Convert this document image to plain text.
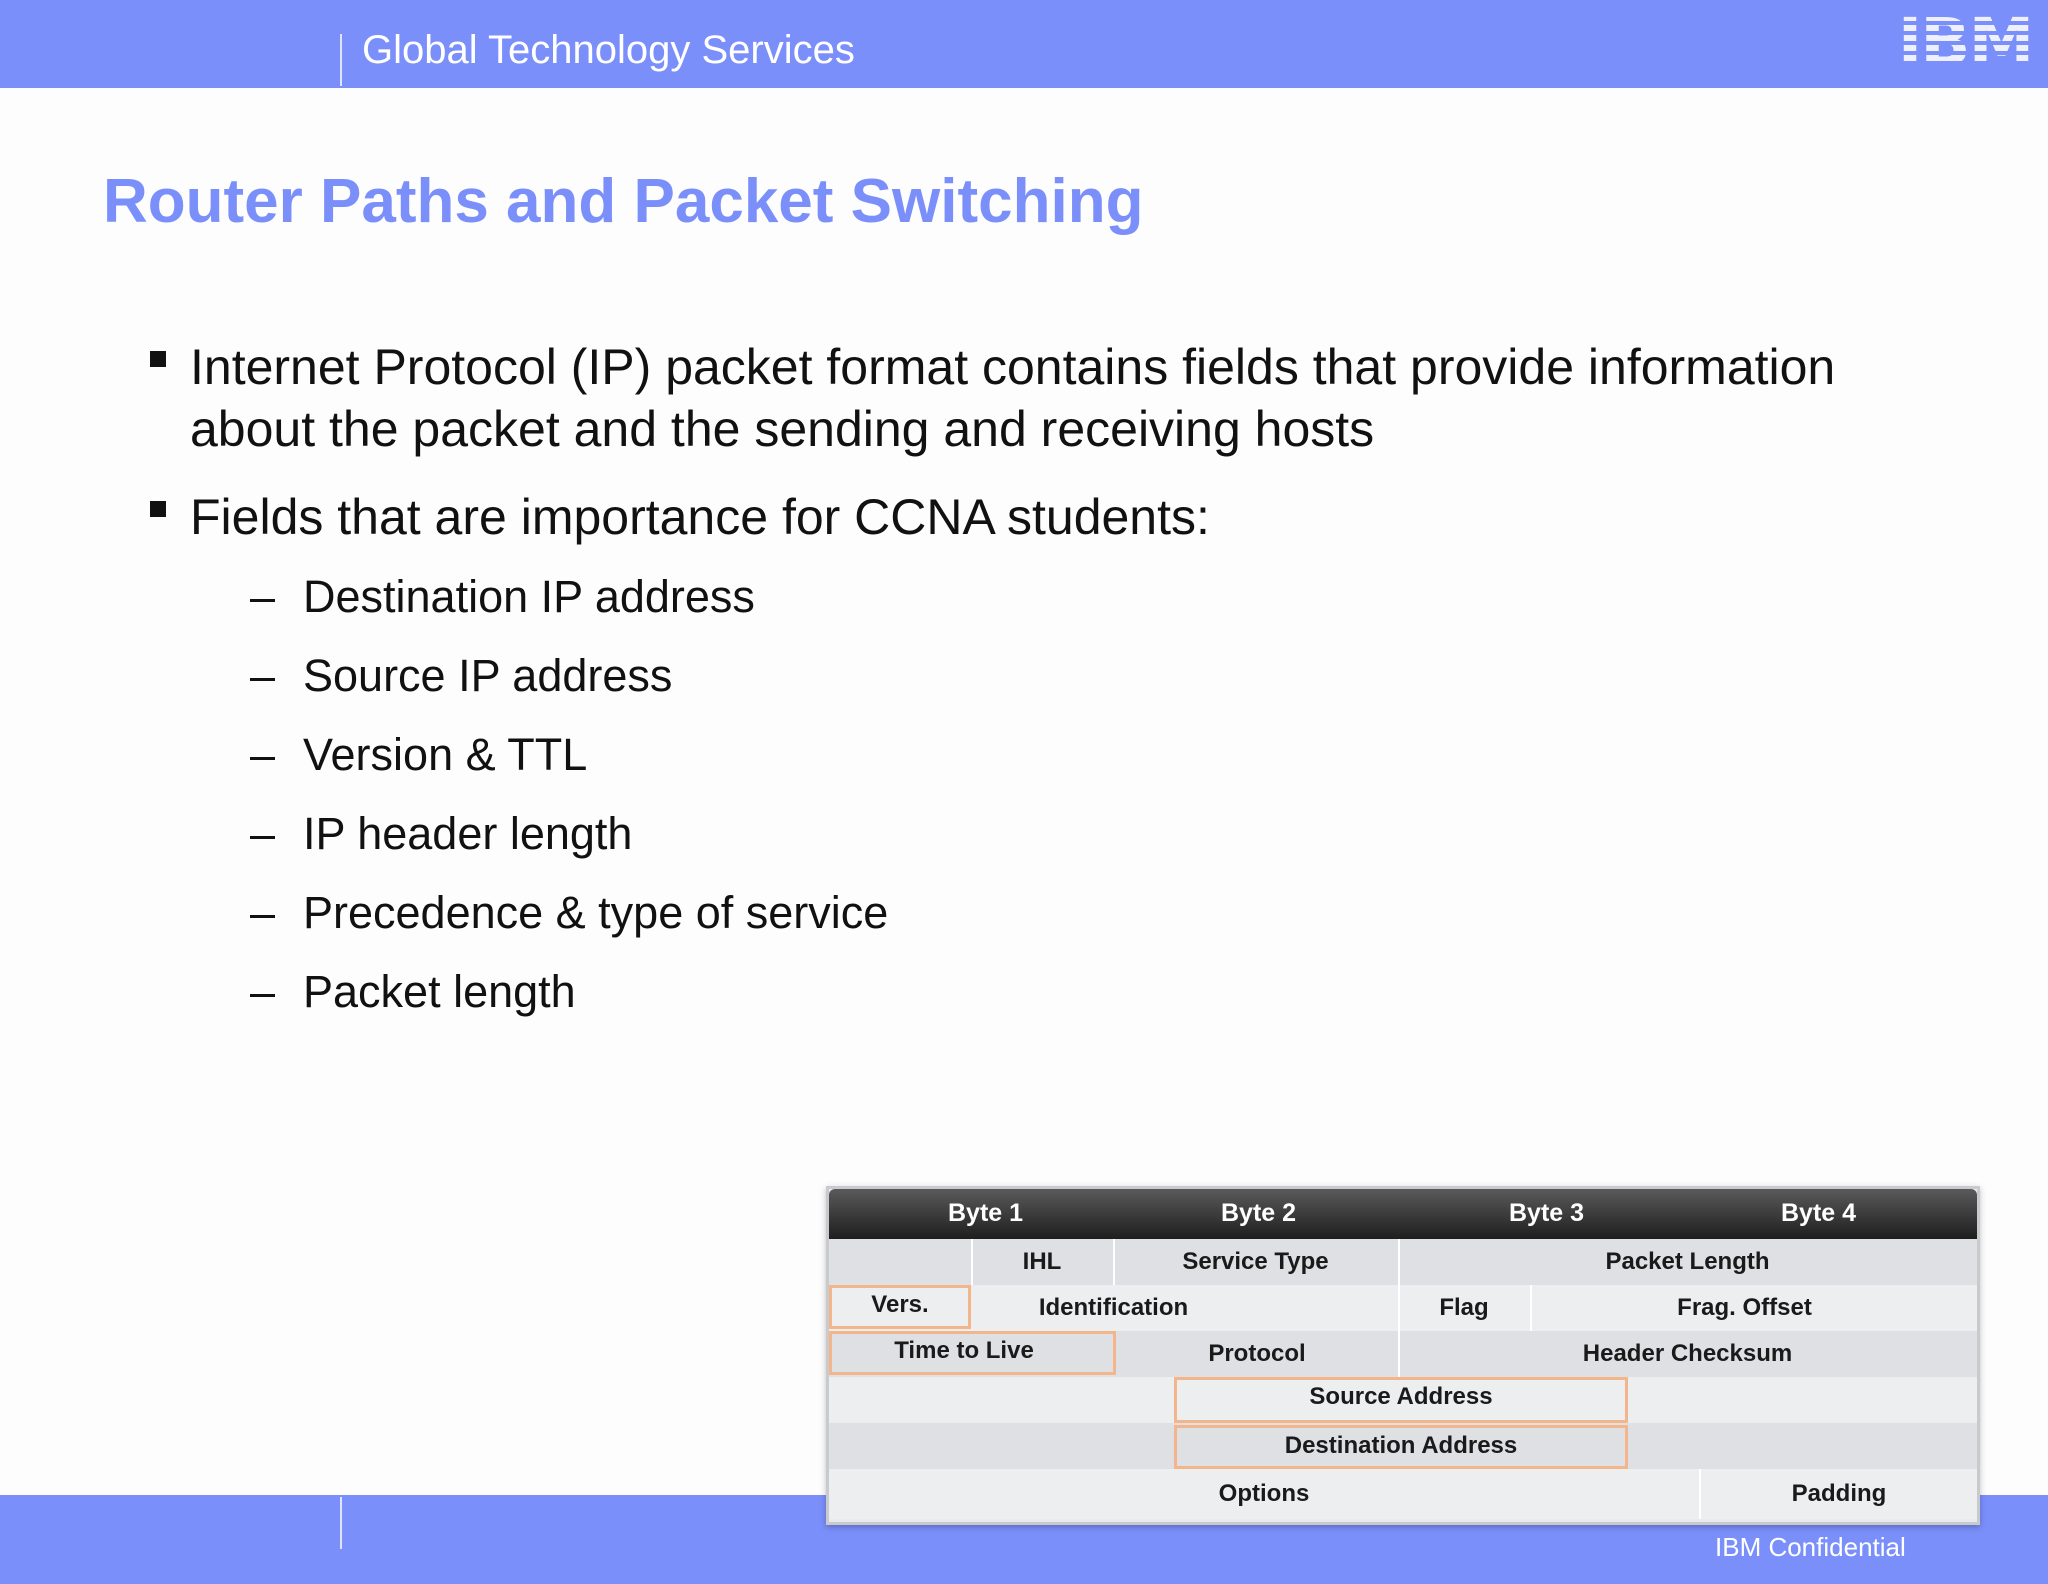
Global Technology Services
Router Paths and Packet Switching
Internet Protocol (IP) packet format contains fields that provide information about the packet and the sending and receiving hosts
Fields that are importance for CCNA students:
– Destination IP address
– Source IP address
– Version & TTL
– IP header length
– Precedence & type of service
– Packet length
IBM Confidential
Byte 1	Byte 2	Byte 3	Byte 4
IHL	Service Type	Packet Length
Vers.	Identification	Flag	Frag. Offset
Time to Live	Protocol	Header Checksum
Source Address
Destination Address
Options	Padding
